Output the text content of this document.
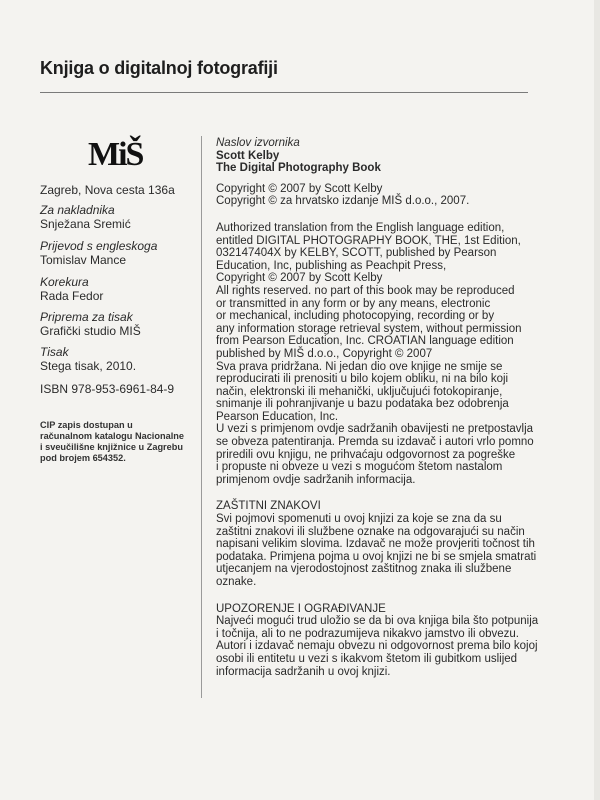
Knjiga o digitalnoj fotografiji
MiŠ
Zagreb, Nova cesta 136a
Za nakladnika
Snježana Sremić
Prijevod s engleskoga
Tomislav Mance
Korekura
Rada Fedor
Priprema za tisak
Grafički studio MIŠ
Tisak
Stega tisak, 2010.
ISBN 978-953-6961-84-9
CIP zapis dostupan u
računalnom katalogu Nacionalne
i sveučilišne knjižnice u Zagrebu
pod brojem 654352.

Naslov izvornika

Scott Kelby

The Digital Photography Book

Copyright © 2007 by Scott Kelby

Copyright © za hrvatsko izdanje MIŠ d.o.o., 2007.

Authorized translation from the English language edition,

entitled DIGITAL PHOTOGRAPHY BOOK, THE, 1st Edition,

032147404X by KELBY, SCOTT, published by Pearson

Education, Inc, publishing as Peachpit Press,

Copyright © 2007 by Scott Kelby

All rights reserved. no part of this book may be reproduced

or transmitted in any form or by any means, electronic

or mechanical, including photocopying, recording or by

any information storage retrieval system, without permission

from Pearson Education, Inc. CROATIAN language edition

published by MIŠ d.o.o., Copyright © 2007

Sva prava pridržana. Ni jedan dio ove knjige ne smije se

reproducirati ili prenositi u bilo kojem obliku, ni na bilo koji

način, elektronski ili mehanički, uključujući fotokopiranje,

snimanje ili pohranjivanje u bazu podataka bez odobrenja

Pearson Education, Inc.

U vezi s primjenom ovdje sadržanih obavijesti ne pretpostavlja

se obveza patentiranja. Premda su izdavač i autori vrlo pomno

priredili ovu knjigu, ne prihvaćaju odgovornost za pogreške

i propuste ni obveze u vezi s mogućom štetom nastalom

primjenom ovdje sadržanih informacija.

ZAŠTITNI ZNAKOVI

Svi pojmovi spomenuti u ovoj knjizi za koje se zna da su

zaštitni znakovi ili službene oznake na odgovarajući su način

napisani velikim slovima. Izdavač ne može provjeriti točnost tih

podataka. Primjena pojma u ovoj knjizi ne bi se smjela smatrati

utjecanjem na vjerodostojnost zaštitnog znaka ili službene

oznake.

UPOZORENJE I OGRAĐIVANJE

Najveći mogući trud uložio se da bi ova knjiga bila što potpunija

i točnija, ali to ne podrazumijeva nikakvo jamstvo ili obvezu.

Autori i izdavač nemaju obvezu ni odgovornost prema bilo kojoj

osobi ili entitetu u vezi s ikakvom štetom ili gubitkom uslijed

informacija sadržanih u ovoj knjizi.
